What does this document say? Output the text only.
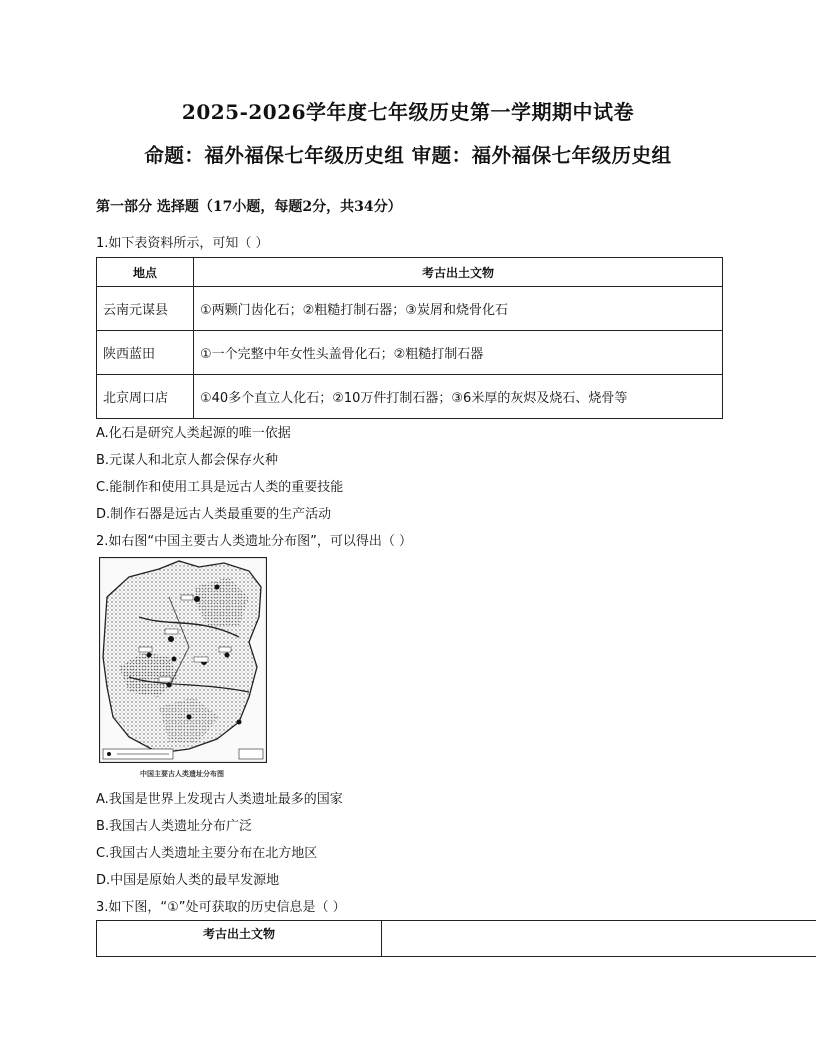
2025-2026学年度七年级历史第一学期期中试卷
命题：福外福保七年级历史组 审题：福外福保七年级历史组
第一部分 选择题（17小题，每题2分，共34分）
1.如下表资料所示，可知（ ）
地点	考古出土文物
云南元谋县	①两颗门齿化石；②粗糙打制石器；③炭屑和烧骨化石
陕西蓝田	①一个完整中年女性头盖骨化石；②粗糙打制石器
北京周口店	①40多个直立人化石；②10万件打制石器；③6米厚的灰烬及烧石、烧骨等
A.化石是研究人类起源的唯一依据
B.元谋人和北京人都会保存火种
C.能制作和使用工具是远古人类的重要技能
D.制作石器是远古人类最重要的生产活动
2.如右图“中国主要古人类遗址分布图”，可以得出（ ）
中国主要古人类遗址分布图
A.我国是世界上发现古人类遗址最多的国家
B.我国古人类遗址分布广泛
C.我国古人类遗址主要分布在北方地区
D.中国是原始人类的最早发源地
3.如下图，“①”处可获取的历史信息是（ ）
考古出土文物	
